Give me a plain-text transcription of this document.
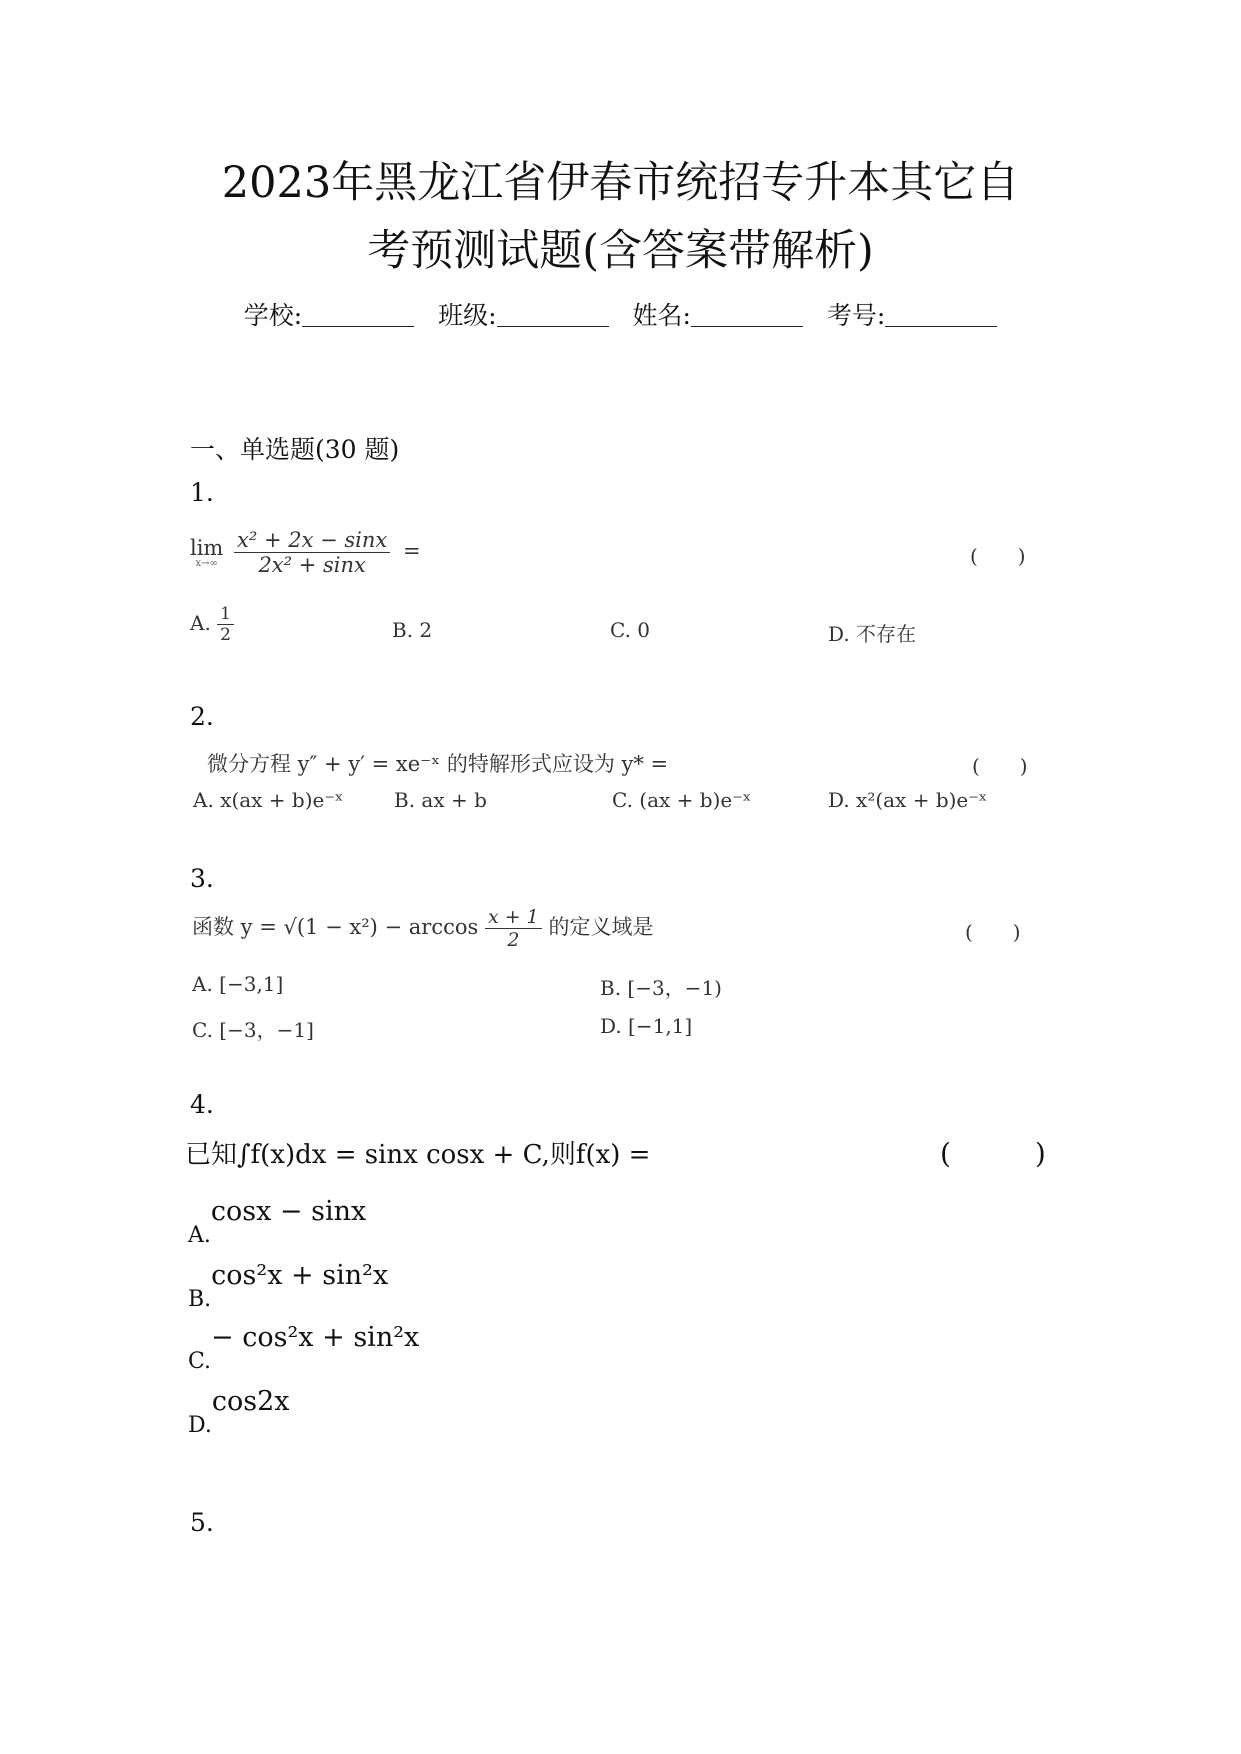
2023年黑龙江省伊春市统招专升本其它自
考预测试题(含答案带解析)
学校:	班级:	姓名:	考号:
一、单选题(30 题)
1.
lim
x→∞
$\frac{\text{x² + 2x − sinx}}{\text{2x² + sinx}}$ =	(　　)
A. $\frac{1}{2}$	B. 2	C. 0	D. 不存在
2.
微分方程 y″ + y′ = xe⁻ˣ 的特解形式应设为 y* =	(　　)
A. x(ax + b)e⁻ˣ	B. ax + b	C. (ax + b)e⁻ˣ	D. x²(ax + b)e⁻ˣ
3.
函数 $y = √(1 - x^2) - \arccos \frac{x + 1}{2}$ 的定义域是	(　　)
A. [−3,1]	B. [−3，−1)
C. [−3，−1]	D. [−1,1]
4.
已知∫f(x)dx = sinx cosx + C,则f(x) =	(　　　)
A.cosx − sinx
B.cos²x + sin²x
C.− cos²x + sin²x
D.cos2x
5.
